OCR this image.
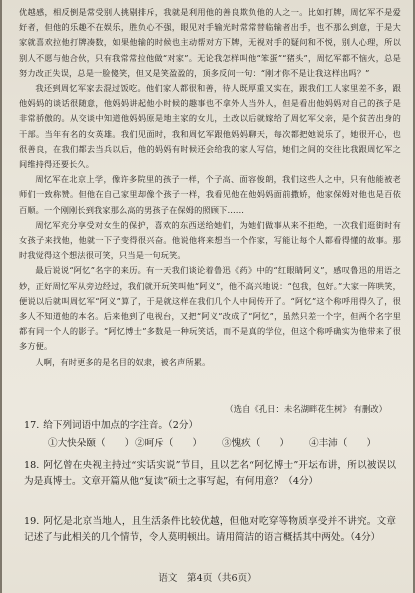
优越感，相反倒是常受别人挑剔排斥，我就是利用他的善良欺负他的人之一。比如打牌，周忆军不是爱好者，但他的乐趣不在娱乐，胜负心不强，眼见对手输光时常常替临输者出手，也不那么到意，于是大家就喜欢拉他打牌凑数，如果他输的时候也主动帮对方下牌，无视对手的疑问和不悦，别人心理，所以别人不愿与他合伙，只有我常常拉他做“对家”。无论我怎样叫他“笨蛋”“猪头”，周忆军都不恼火，总是努力改正失误，总是一脸傻笑，但又是笑盈盈的，顶多反问一句：“刚才你不是让我这样出吗？”

我还到周忆军家去混过饭吃。他们家人都很和善，待人既厚重又实在，跟我们工人家里差不多，跟他妈妈的谈话很随意，他妈妈讲起他小时候的趣事也不拿外人当外人，但是看出他妈妈对自己的孩子是非常骄傲的。从交谈中知道他妈妈原是地主家的女儿，土改以后就嫁给了周忆军父亲，是个贫苦出身的干部。当年有名的女英雄。我们见面时，我和周忆军跟他妈妈聊天，每次都把她说乐了，她很开心，也很善良，在我们都去当兵以后，他的妈妈有时候还会给我的家人写信，她们之间的交往比我跟周忆军之间维持得还要长久。

周忆军在北京上学，像许多院里的孩子一样，个子高、面容俊朗，我们这些人之中，只有他能被老师们一致称赞。但他在自己家里却像个孩子一样，我看见他在他妈妈面前撒娇，他家保姆对他也是百依百顺。一个刚刚长到我家那么高的男孩子在保姆的照顾下……

周忆军充分享受对女生的保护，喜欢的东西送给她们，为她们做事从来不拒绝，一次我们逛街时有女孩子来找他，他就一下子变得很兴奋。他说他将来想当一个作家，写能让每个人都看得懂的故事。那时我觉得这个想法很可笑，只当是一句玩笑。

最后说说“阿忆”名字的来历。有一天我们谈论着鲁迅《药》中的“红眼睛阿义”，感叹鲁迅的用语之妙，正好周忆军从旁边经过，我们就开玩笑叫他“阿义”，他不高兴地说：“包我，包好。”大家一阵哄笑，便说以后就叫周忆军“阿义”算了，于是就这样在我们几个人中间传开了。“阿忆”这个称呼用得久了，很多人不知道他的本名。后来他到了电视台，又把“阿义”改成了“阿忆”，虽然只差一个字，但两个名字里都有同一个人的影子。“阿忆博士”多数是一种玩笑话，而不是真的学位，但这个称呼确实为他带来了很多方便。

人啊，有时更多的是名目的奴隶，被名声所累。

（选自《孔日：未名湖畔花生树》 有删改）
17. 给下列词语中加点的字注音。（2分）
①大快朵颐（　　） ②呵斥（　　）	③愧疚（　　）	④丰沛（　　）
18. 阿忆曾在央视主持过“实话实说”节目，且以艺名“阿忆博士”开坛布讲，所以被误以为是真博士。文章开篇从他“复读”硕士之事写起，有何用意？（4分）
19. 阿忆是北京当地人，且生活条件比较优越，但他对吃穿等物质享受并不讲究。文章记述了与此相关的几个情节，令人莫明顿出。请用简洁的语言概括其中两处。（4分）
语文　第4页（共6页）
